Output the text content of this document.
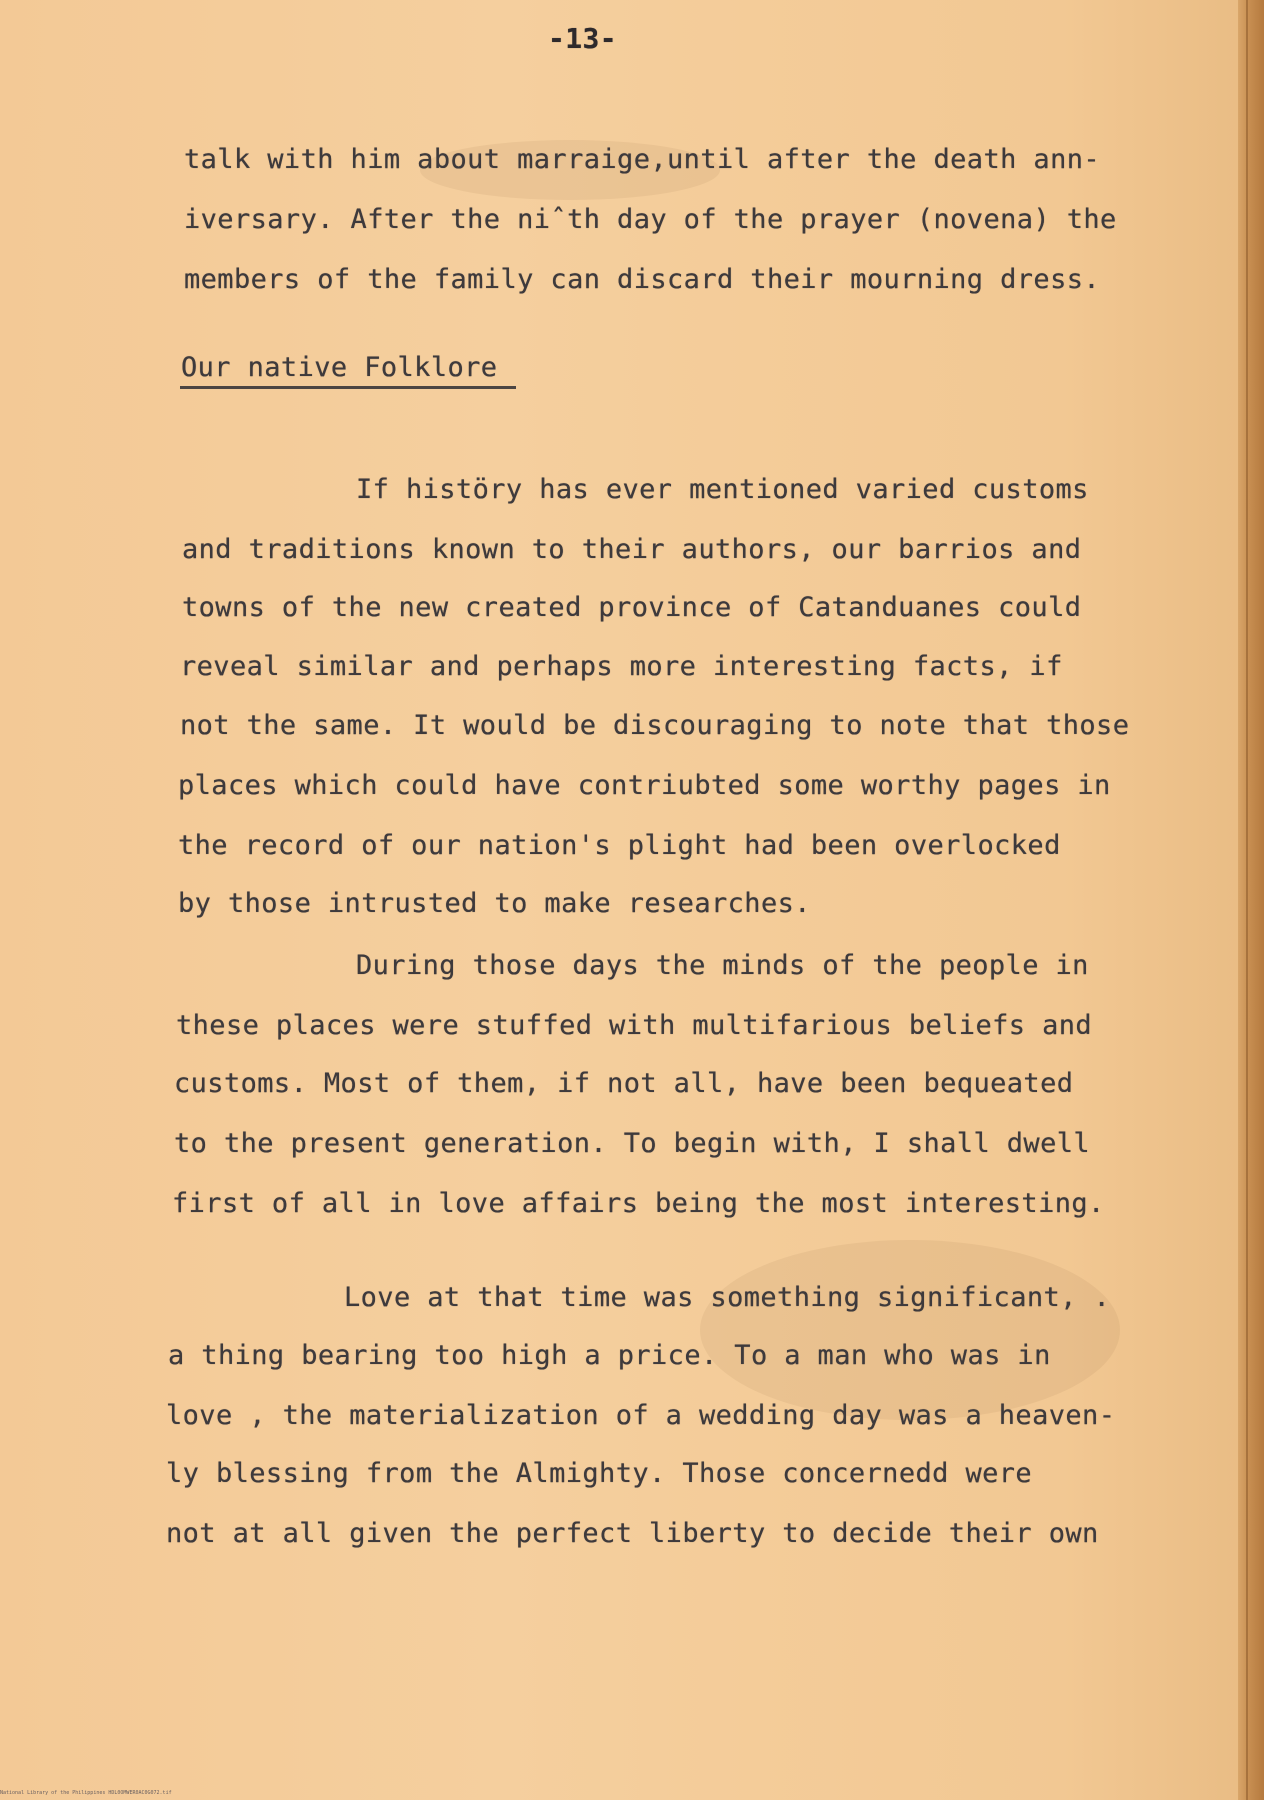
-13-
talk with him about marraige,until after the death ann-
iversary. After the niˆth day of the prayer (novena) the
members of the family can discard their mourning dress.
Our native Folklore
If histöry has ever mentioned varied customs
and traditions known to their authors, our barrios and
towns of the new created province of Catanduanes could
reveal similar and perhaps more interesting facts, if
not the same. It would be discouraging to note that those
places which could have contriubted some worthy pages in
the record of our nation's plight had been overlocked
by those intrusted to make researches.
During those days the minds of the people in
these places were stuffed with multifarious beliefs and
customs. Most of them, if not all, have been bequeated
to the present generation. To begin with, I shall dwell
first of all in love affairs being the most interesting.
Love at that time was something significant, .
a thing bearing too high a price. To a man who was in
love , the materialization of a wedding day was a heaven-
ly blessing from the Almighty. Those concernedd were
not at all given the perfect liberty to decide their own
National Library of the Philippines HDL0OMWER0AC0G072.tif
